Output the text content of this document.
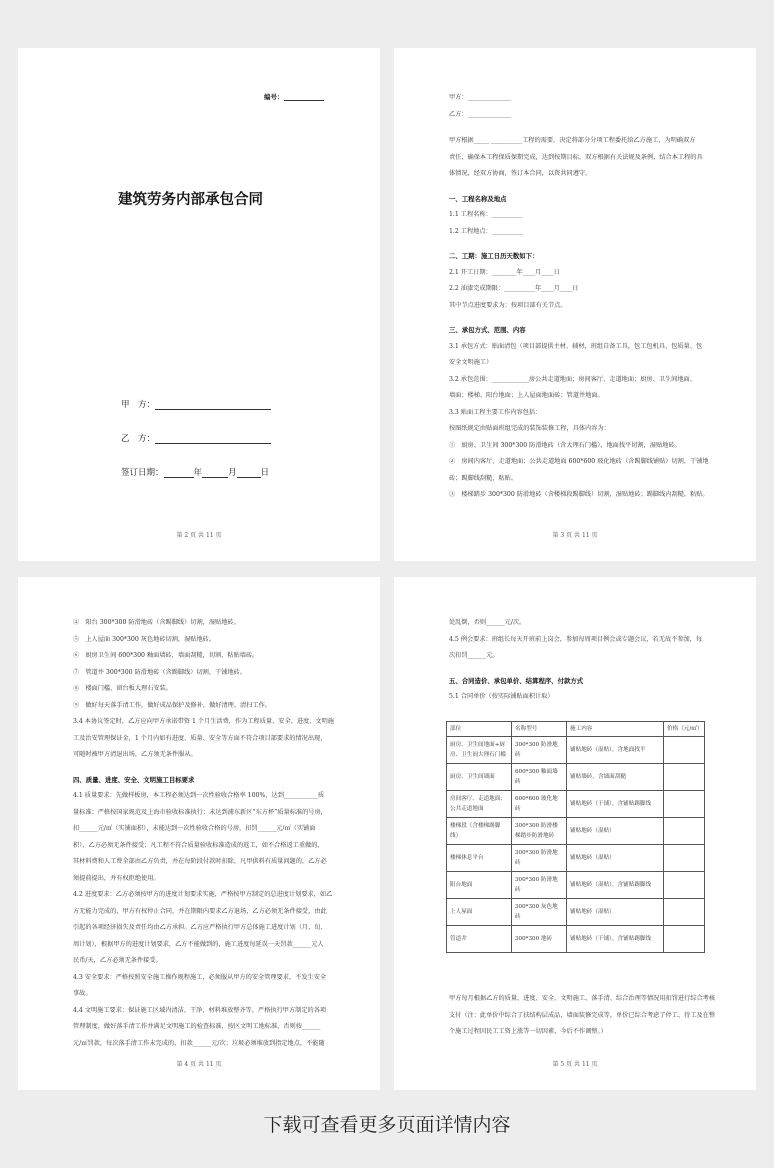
编号：
建筑劳务内部承包合同
甲　方：
乙　方：
签订日期：	年	月	日
第 2 页 共 11 页
甲方：______________
乙方：______________
甲方根据_____ __________工程的需要，决定将部分分项工程委托给乙方施工，为明确双方
责任，确保本工程保质保期完成，达到按期目标，双方根据有关法规及条例，结合本工程的具
体情况，经双方协商，签订本合同，以资共同遵守。
一、工程名称及地点
1.1 工程名称：__________
1.2 工程地点：__________
二、工期：施工日历天数如下：
2.1 开工日期：________年____月____日
2.2 油漆完成期限：__________年____月____日
其中节点进度要求为：按项目部有关节点。
三、承包方式、范围、内容
3.1 承包方式：贴面清包（项目部提供主材、辅材，班组自备工具，包工包机具、包质量、包
安全文明施工）
3.2 承包范围：____________房公共走道地面；房间客厅、走道地面；厨房、卫生间地面、
墙面；楼梯、阳台地面；上人屋面地面砖；管道井地面。
3.3 贴面工程主要工作内容包括：
按图纸规定由贴面班组完成的装饰装修工程，具体内容为：
①　厨房、卫生间 300*300 防滑地砖（含大理石门槛），地面找平切割，湿贴地砖。
②　房间内客厅、走道地面；公共走道地面 600*600 玻化地砖（含踢脚线铺贴）切割，干铺地
砖；踢脚线刮糙，粘贴。
③　楼梯踏步 300*300 防滑地砖（含楼梯段踢脚线）切割，湿贴地砖；踢脚线内刮糙，粘贴。
第 3 页 共 11 页
④　阳台 300*300 防滑地砖（含踢脚线）切割，湿贴地砖。
⑤　上人屋面 300*300 灰色地砖切割，湿贴地砖。
⑥　厨房卫生间 600*300 釉面墙砖，墙面刮糙，切割、粘贴墙砖。
⑦　管道井 300*300 防滑地砖（含踢脚线）切割，干铺地砖。
⑧　楼面门槛、窗台板大理石安装。
⑨　做好每天落手清工作，做好成品保护及修补，做好清理、清扫工作。
3.4 本协议签定时，乙方应向甲方承诺带资 1 个月生活费，作为工程质量、安全、进度、文明施
工及治安管理保证金，1 个月内如有进度、质量、安全等方面不符合项目部要求的情况出现，
可随时被甲方清退出场，乙方须无条件服从。
四、质量、进度、安全、文明施工目标要求
4.1 质量要求：先做样板房，本工程必须达到一次性验收合格率 100%，达到___________质
量标准；严格按国家规范及上海市验收标准执行；未达到浦东新区“东方杯”质量标准的号房，
扣______元/㎡（实铺面积），未能达到一次性验收合格的号房，扣罚______元/㎡（实铺面
积），乙方必须无条件接受；凡工程不符合质量验收标准造成的返工，如不合格返工重做的，
其材料费和人工费全部由乙方负责，并在每阶段付款时扣除，凡甲供料有质量问题的，乙方必
须提前提出，并有权拒绝使用。
4.2 进度要求：乙方必须按甲方的进度计划要求实施，严格按甲方制定的总进度计划要求，如乙
方无能力完成的，甲方有权停止合同，并在期限内要求乙方退场，乙方必须无条件接受，由此
引起的各项经济损失及责任均由乙方承担。乙方应严格执行甲方总体施工进度计划（月、旬、
周计划），根据甲方的进度计划要求，乙方不能做到的，施工进度每延误一天罚款______元人
民币/天，乙方必须无条件接受。
4.3 安全要求：严格按照安全施工操作规程施工，必须服从甲方的安全管理要求，不发生安全
事故。
4.4 文明施工要求：保证施工区域内清洁、干净，材料堆放整齐等，严格执行甲方制定的各项
管理制度，做好落手清工作并满足文明施工的检查标准，按区文明工地标准，否则按______
元/㎡罚款，每次落手清工作未完成的，扣款______元/次；垃圾必须堆放到指定地点，不能随
第 4 页 共 11 页
处乱倒，否则______元/次。
4.5 例会要求：班组长每天开班前上岗会，参加每周项目例会或专题会议，若无故不参加，每
次扣罚______元。
五、合同造价、承包单价、结算程序、付款方式
5.1 合同单价（按实际铺贴面积计取）
部位	名称型号	施工内容	价格（元/㎡）
厨房、卫生间地面+厨房、卫生间大理石门槛	300*300 防滑地砖	铺贴地砖（湿贴），含地面找平	
厨房、卫生间墙面	600*300 釉面墙砖	铺贴墙砖，含墙面刮糙	
房间客厅、走道地面；公共走道地面	600*600 玻化地砖	铺贴地砖（干铺），含铺贴踢脚线	
楼梯段（含楼梯踢脚线）	300*300 防滑楼梯踏步防滑地砖	铺贴地砖（湿贴）	
楼梯休息平台	300*300 防滑地砖	铺贴地砖（湿贴）	
阳台地面	300*300 防滑地砖	铺贴地砖（湿贴），含铺贴踢脚线	
上人屋面	300*300 灰色地砖	铺贴地砖（湿贴）	
管道井	300*300 地砖	铺贴地砖（干铺），含铺贴踢脚线	
甲方每月根据乙方的质量、进度、安全、文明施工、落手清、综合治理等情况用扣罚进行综合考核
支付（注：此单价中综合了扶结构层成品，墙面装修完成等，单价已综合考虑了停工、待工及在整
个施工过程因民工工资上涨等一切因素，今后不作调整。）
第 5 页 共 11 页
下载可查看更多页面详情内容
